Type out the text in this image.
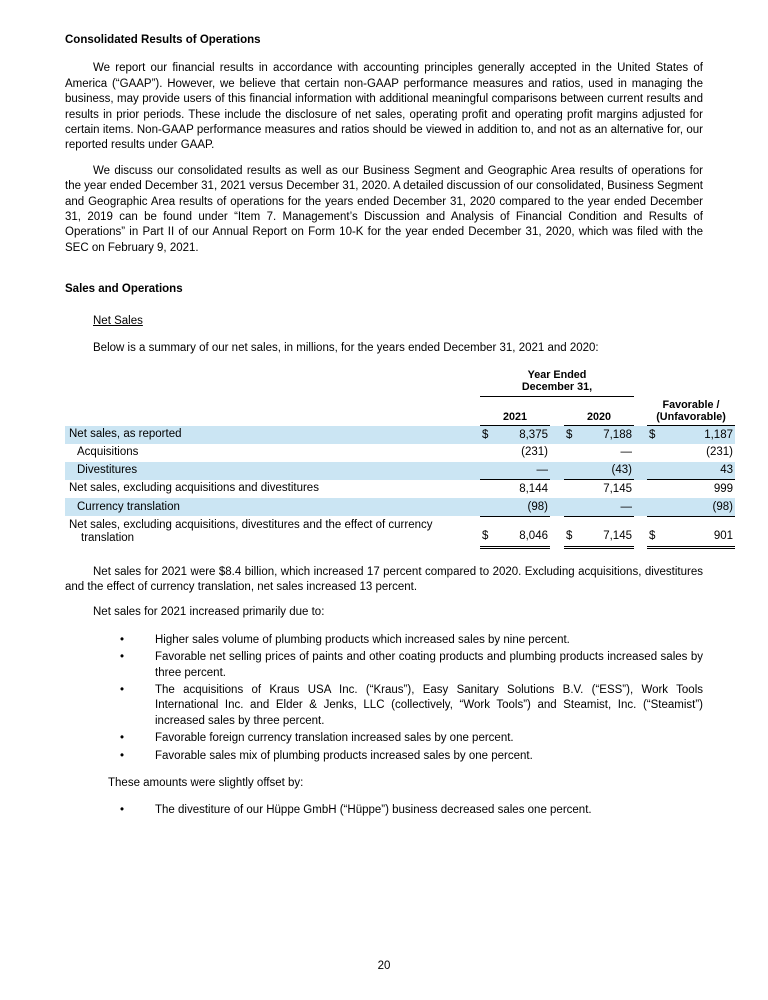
Consolidated Results of Operations

We report our financial results in accordance with accounting principles generally accepted in the United States of America (“GAAP”). However, we believe that certain non-GAAP performance measures and ratios, used in managing the business, may provide users of this financial information with additional meaningful comparisons between current results and results in prior periods. These include the disclosure of net sales, operating profit and operating profit margins adjusted for certain items. Non-GAAP performance measures and ratios should be viewed in addition to, and not as an alternative for, our reported results under GAAP.

We discuss our consolidated results as well as our Business Segment and Geographic Area results of operations for the year ended December 31, 2021 versus December 31, 2020. A detailed discussion of our consolidated, Business Segment and Geographic Area results of operations for the years ended December 31, 2020 compared to the year ended December 31, 2019 can be found under “Item 7. Management’s Discussion and Analysis of Financial Condition and Results of Operations” in Part II of our Annual Report on Form 10-K for the year ended December 31, 2020, which was filed with the SEC on February 9, 2021.

Sales and Operations
Net Sales

Below is a summary of our net sales, in millions, for the years ended December 31, 2021 and 2020:

	Year Ended
December 31,							
	2021			2020			Favorable /
(Unfavorable)	
Net sales, as reported	$	8,375		$	7,188		$	1,187
Acquisitions		(231)			—			(231)
Divestitures		—			(43)			43
Net sales, excluding acquisitions and divestitures		8,144			7,145			999
Currency translation		(98)			—			(98)
Net sales, excluding acquisitions, divestitures and the effect of currency translation	$	8,046		$	7,145		$	901

Net sales for 2021 were $8.4 billion, which increased 17 percent compared to 2020. Excluding acquisitions, divestitures and the effect of currency translation, net sales increased 13 percent.

Net sales for 2021 increased primarily due to:

•	Higher sales volume of plumbing products which increased sales by nine percent.
•	Favorable net selling prices of paints and other coating products and plumbing products increased sales by three percent.
•	The acquisitions of Kraus USA Inc. (“Kraus”), Easy Sanitary Solutions B.V. (“ESS”), Work Tools International Inc. and Elder & Jenks, LLC (collectively, “Work Tools”) and Steamist, Inc. (“Steamist”) increased sales by three percent.
•	Favorable foreign currency translation increased sales by one percent.
•	Favorable sales mix of plumbing products increased sales by one percent.

These amounts were slightly offset by:

•	The divestiture of our Hüppe GmbH (“Hüppe”) business decreased sales one percent.
20
